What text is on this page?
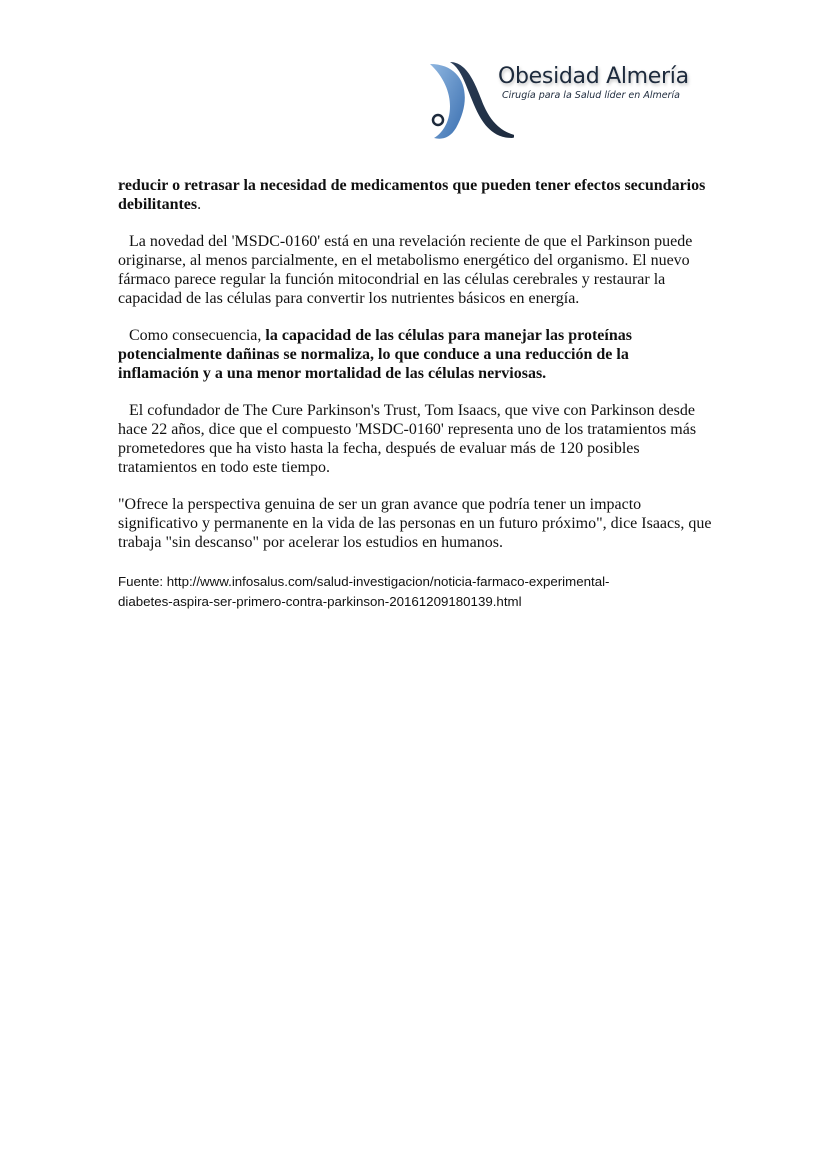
Obesidad Almería
Cirugía para la Salud líder en Almería

reducir o retrasar la necesidad de medicamentos que pueden tener efectos secundarios debilitantes.

La novedad del 'MSDC-0160' está en una revelación reciente de que el Parkinson puede originarse, al menos parcialmente, en el metabolismo energético del organismo. El nuevo fármaco parece regular la función mitocondrial en las células cerebrales y restaurar la capacidad de las células para convertir los nutrientes básicos en energía.

Como consecuencia, la capacidad de las células para manejar las proteínas potencialmente dañinas se normaliza, lo que conduce a una reducción de la inflamación y a una menor mortalidad de las células nerviosas.

El cofundador de The Cure Parkinson's Trust, Tom Isaacs, que vive con Parkinson desde hace 22 años, dice que el compuesto 'MSDC-0160' representa uno de los tratamientos más prometedores que ha visto hasta la fecha, después de evaluar más de 120 posibles tratamientos en todo este tiempo.

"Ofrece la perspectiva genuina de ser un gran avance que podría tener un impacto significativo y permanente en la vida de las personas en un futuro próximo", dice Isaacs, que trabaja "sin descanso" por acelerar los estudios en humanos.

Fuente: http://www.infosalus.com/salud-investigacion/noticia-farmaco-experimental-
diabetes-aspira-ser-primero-contra-parkinson-20161209180139.html
